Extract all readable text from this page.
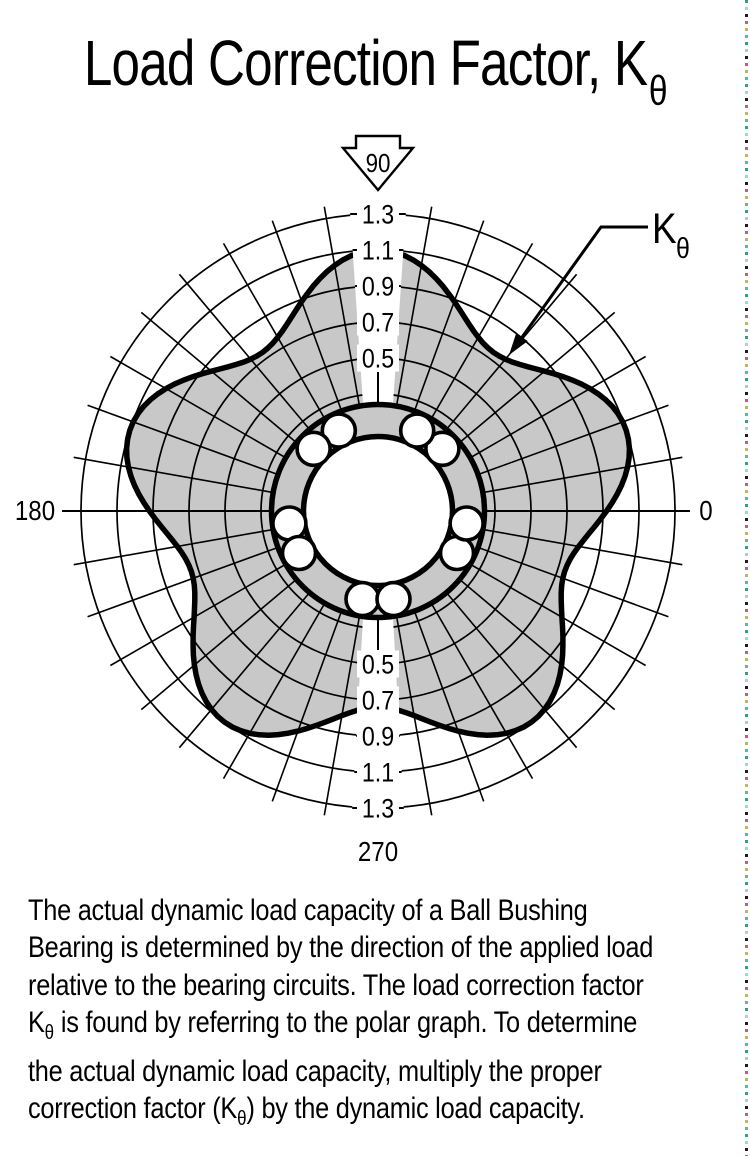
Load Correction Factor, $K_\theta$
1.3
1.1
0.9
0.7
0.5
0.5
0.7
0.9
1.1
1.3
90
180	0
270
K θ
The actual dynamic load capacity of a Ball Bushing
Bearing is determined by the direction of the applied load
relative to the bearing circuits. The load correction factor
$K_\theta$ is found by referring to the polar graph. To determine
the actual dynamic load capacity, multiply the proper
correction factor $(K_\theta)$ by the dynamic load capacity.
